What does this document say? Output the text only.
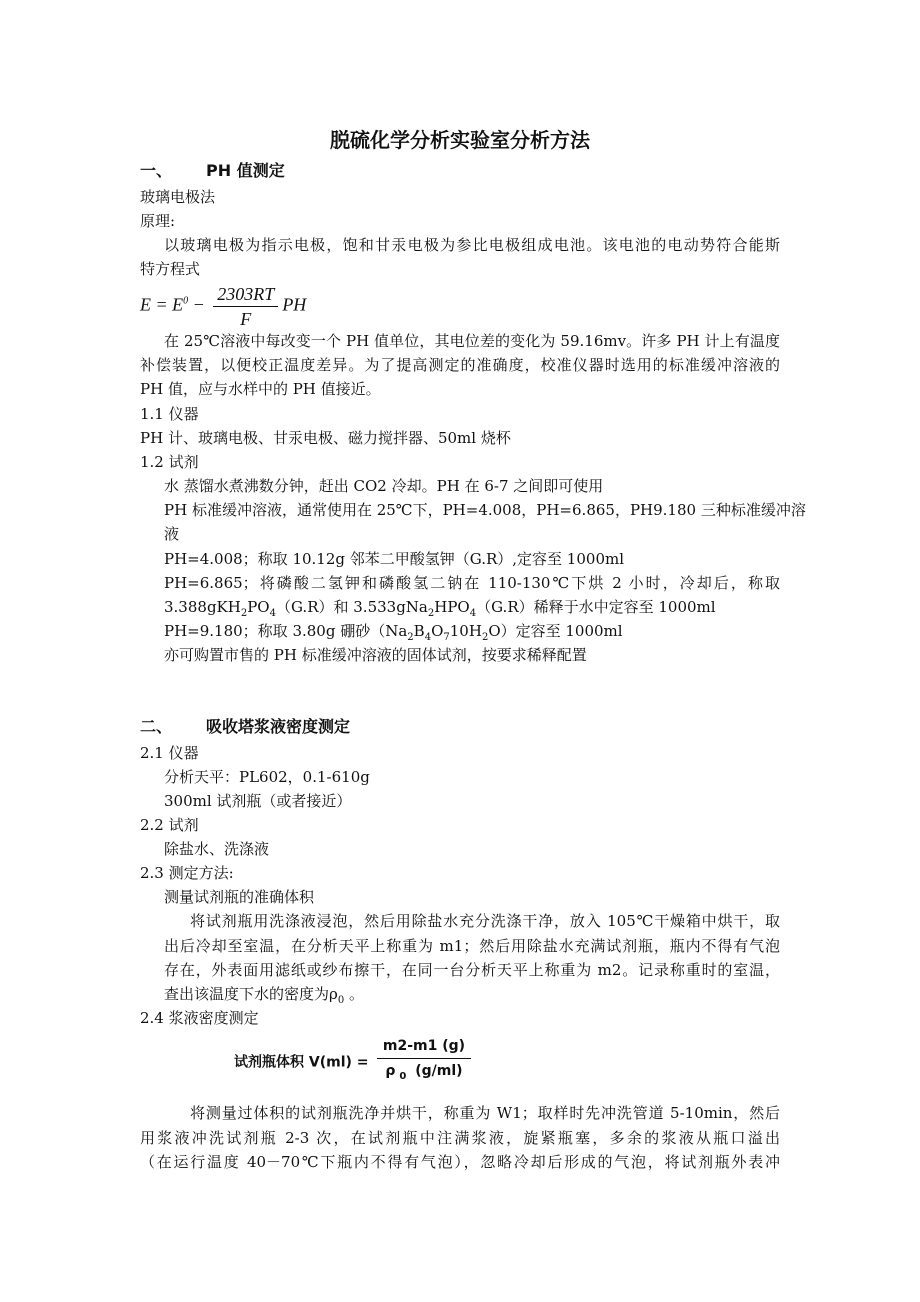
脱硫化学分析实验室分析方法
一、 PH 值测定
玻璃电极法
原理:
以玻璃电极为指示电极，饱和甘汞电极为参比电极组成电池。该电池的电动势符合能斯
特方程式
$E = E^0 - \frac{2303RT}{F}$ PH
在 25℃溶液中每改变一个 PH 值单位，其电位差的变化为 59.16mv。许多 PH 计上有温度
补偿装置，以便校正温度差异。为了提高测定的准确度，校准仪器时选用的标准缓冲溶液的
PH 值，应与水样中的 PH 值接近。
1.1 仪器
PH 计、玻璃电极、甘汞电极、磁力搅拌器、50ml 烧杯
1.2 试剂
水 蒸馏水煮沸数分钟，赶出 CO2 冷却。PH 在 6-7 之间即可使用
PH 标准缓冲溶液，通常使用在 25℃下，PH=4.008，PH=6.865，PH9.180 三种标准缓冲溶
液
PH=4.008；称取 10.12g 邻苯二甲酸氢钾（G.R）,定容至 1000ml
PH=6.865；将磷酸二氢钾和磷酸氢二钠在 110-130℃下烘 2 小时，冷却后，称取
$3.388gKH_2PO_4(G.R)$和 $3.533gNa_2HPO_4(G.R)$稀释于水中定容至 1000ml
PH=9.180；称取 3.80g 硼砂$(Na_2B_4O_710H_2O)$定容至 1000ml
亦可购置市售的 PH 标准缓冲溶液的固体试剂，按要求稀释配置
二、 吸收塔浆液密度测定
2.1 仪器
分析天平：PL602，0.1-610g
300ml 试剂瓶（或者接近）
2.2 试剂
除盐水、洗涤液
2.3 测定方法:
测量试剂瓶的准确体积
将试剂瓶用洗涤液浸泡，然后用除盐水充分洗涤干净，放入 105℃干燥箱中烘干，取
出后冷却至室温，在分析天平上称重为 m1；然后用除盐水充满试剂瓶，瓶内不得有气泡
存在，外表面用滤纸或纱布擦干，在同一台分析天平上称重为 m2。记录称重时的室温，
查出该温度下水的密度为$\rho_0$ 。
2.4 浆液密度测定
试剂瓶体积 $V(ml) = \frac{m2-m1 (g)}{\rho _0 (g/ml)}$
将测量过体积的试剂瓶洗净并烘干，称重为 W1；取样时先冲洗管道 5-10min，然后
用浆液冲洗试剂瓶 2-3 次，在试剂瓶中注满浆液，旋紧瓶塞，多余的浆液从瓶口溢出
（在运行温度 40－70℃下瓶内不得有气泡），忽略冷却后形成的气泡，将试剂瓶外表冲
